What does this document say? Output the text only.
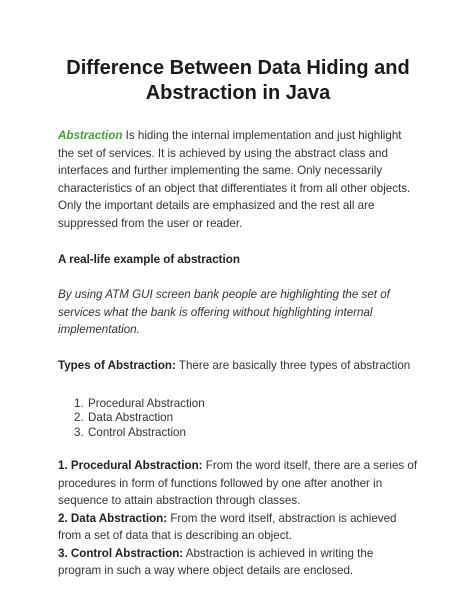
Difference Between Data Hiding and
Abstraction in Java

Abstraction Is hiding the internal implementation and just highlight the set of services. It is achieved by using the abstract class and interfaces and further implementing the same. Only necessarily characteristics of an object that differentiates it from all other objects. Only the important details are emphasized and the rest all are suppressed from the user or reader.

A real-life example of abstraction

By using ATM GUI screen bank people are highlighting the set of services what the bank is offering without highlighting internal implementation.

Types of Abstraction: There are basically three types of abstraction

1. Procedural Abstraction
2. Data Abstraction
3. Control Abstraction

1. Procedural Abstraction: From the word itself, there are a series of procedures in form of functions followed by one after another in sequence to attain abstraction through classes.
2. Data Abstraction: From the word itself, abstraction is achieved from a set of data that is describing an object.
3. Control Abstraction: Abstraction is achieved in writing the program in such a way where object details are enclosed.
